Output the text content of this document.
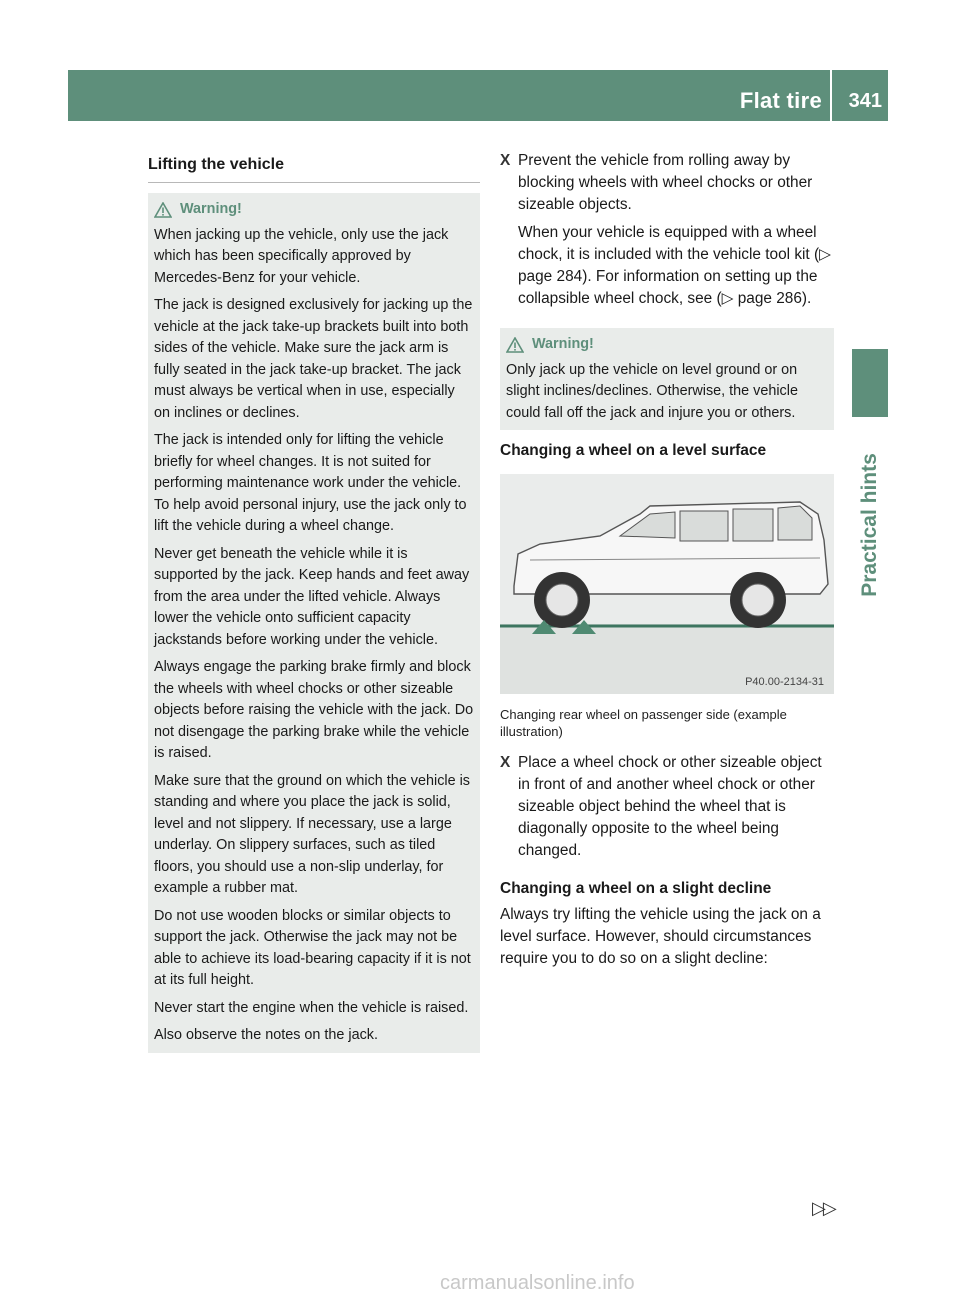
Flat tire 341
Practical hints
Lifting the vehicle
Warning!

When jacking up the vehicle, only use the jack which has been specifically approved by Mercedes-Benz for your vehicle.

The jack is designed exclusively for jacking up the vehicle at the jack take-up brackets built into both sides of the vehicle. Make sure the jack arm is fully seated in the jack take-up bracket. The jack must always be vertical when in use, especially on inclines or declines.

The jack is intended only for lifting the vehicle briefly for wheel changes. It is not suited for performing maintenance work under the vehicle. To help avoid personal injury, use the jack only to lift the vehicle during a wheel change.

Never get beneath the vehicle while it is supported by the jack. Keep hands and feet away from the area under the lifted vehicle. Always lower the vehicle onto sufficient capacity jackstands before working under the vehicle.

Always engage the parking brake firmly and block the wheels with wheel chocks or other sizeable objects before raising the vehicle with the jack. Do not disengage the parking brake while the vehicle is raised.

Make sure that the ground on which the vehicle is standing and where you place the jack is solid, level and not slippery. If necessary, use a large underlay. On slippery surfaces, such as tiled floors, you should use a non-slip underlay, for example a rubber mat.

Do not use wooden blocks or similar objects to support the jack. Otherwise the jack may not be able to achieve its load-bearing capacity if it is not at its full height.

Never start the engine when the vehicle is raised.

Also observe the notes on the jack.

X Prevent the vehicle from rolling away by blocking wheels with wheel chocks or other sizeable objects.

When your vehicle is equipped with a wheel chock, it is included with the vehicle tool kit (▷ page 284). For information on setting up the collapsible wheel chock, see (▷ page 286).

Warning!

Only jack up the vehicle on level ground or on slight inclines/declines. Otherwise, the vehicle could fall off the jack and injure you or others.

Changing a wheel on a level surface
P40.00-2134-31

Changing rear wheel on passenger side (example illustration)

X Place a wheel chock or other sizeable object in front of and another wheel chock or other sizeable object behind the wheel that is diagonally opposite to the wheel being changed.

Changing a wheel on a slight decline

Always try lifting the vehicle using the jack on a level surface. However, should circumstances require you to do so on a slight decline:

▷▷
carmanualsonline.info
